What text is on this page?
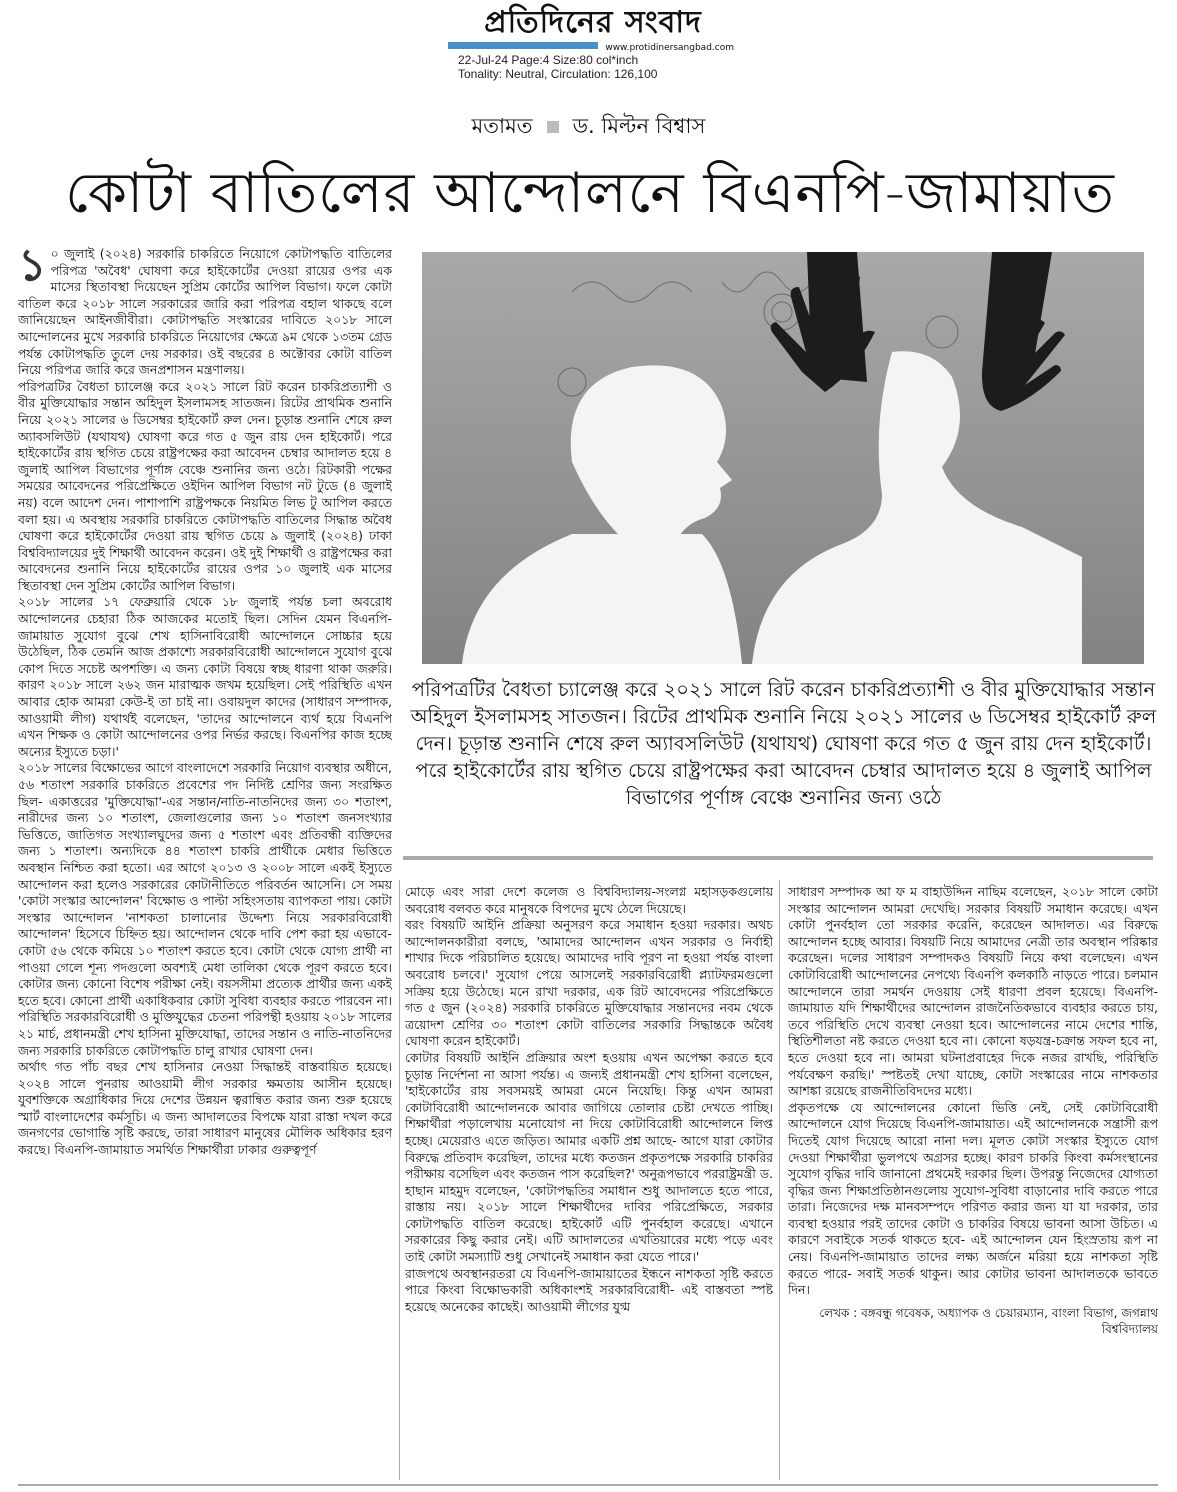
প্রতিদিনের সংবাদ
www.protidinersangbad.com
22-Jul-24 Page:4 Size:80 col*inch
Tonality: Neutral, Circulation: 126,100
মতামত ড. মিল্টন বিশ্বাস
কোটা বাতিলের আন্দোলনে বিএনপি-জামায়াত
১ ০ জুলাই (২০২৪) সরকারি চাকরিতে নিয়োগে কোটাপদ্ধতি বাতিলের পরিপত্র 'অবৈধ' ঘোষণা করে হাইকোর্টের দেওয়া রায়ের ওপর এক মাসের স্থিতাবস্থা দিয়েছেন সুপ্রিম কোর্টের আপিল বিভাগ। ফলে কোটা বাতিল করে ২০১৮ সালে সরকারের জারি করা পরিপত্র বহাল থাকছে বলে জানিয়েছেন আইনজীবীরা। কোটাপদ্ধতি সংস্কারের দাবিতে ২০১৮ সালে আন্দোলনের মুখে সরকারি চাকরিতে নিয়োগের ক্ষেত্রে ৯ম থেকে ১৩তম গ্রেড পর্যন্ত কোটাপদ্ধতি তুলে দেয় সরকার। ওই বছরের ৪ অক্টোবর কোটা বাতিল নিয়ে পরিপত্র জারি করে জনপ্রশাসন মন্ত্রণালয়।

পরিপত্রটির বৈধতা চ্যালেঞ্জ করে ২০২১ সালে রিট করেন চাকরিপ্রত্যাশী ও বীর মুক্তিযোদ্ধার সন্তান অহিদুল ইসলামসহ সাতজন। রিটের প্রাথমিক শুনানি নিয়ে ২০২১ সালের ৬ ডিসেম্বর হাইকোর্ট রুল দেন। চূড়ান্ত শুনানি শেষে রুল অ্যাবসলিউট (যথাযথ) ঘোষণা করে গত ৫ জুন রায় দেন হাইকোর্ট। পরে হাইকোর্টের রায় স্থগিত চেয়ে রাষ্ট্রপক্ষের করা আবেদন চেম্বার আদালত হয়ে ৪ জুলাই আপিল বিভাগের পূর্ণাঙ্গ বেঞ্চে শুনানির জন্য ওঠে। রিটকারী পক্ষের সময়ের আবেদনের পরিপ্রেক্ষিতে ওইদিন আপিল বিভাগ নট টুডে (৪ জুলাই নয়) বলে আদেশ দেন। পাশাপাশি রাষ্ট্রপক্ষকে নিয়মিত লিভ টু আপিল করতে বলা হয়। এ অবস্থায় সরকারি চাকরিতে কোটাপদ্ধতি বাতিলের সিদ্ধান্ত অবৈধ ঘোষণা করে হাইকোর্টের দেওয়া রায় স্থগিত চেয়ে ৯ জুলাই (২০২৪) ঢাকা বিশ্ববিদ্যালয়ের দুই শিক্ষার্থী আবেদন করেন। ওই দুই শিক্ষার্থী ও রাষ্ট্রপক্ষের করা আবেদনের শুনানি নিয়ে হাইকোর্টের রায়ের ওপর ১০ জুলাই এক মাসের স্থিতাবস্থা দেন সুপ্রিম কোর্টের আপিল বিভাগ।

২০১৮ সালের ১৭ ফেব্রুয়ারি থেকে ১৮ জুলাই পর্যন্ত চলা অবরোধ আন্দোলনের চেহারা ঠিক আজকের মতোই ছিল। সেদিন যেমন বিএনপি-জামায়াত সুযোগ বুঝে শেখ হাসিনাবিরোধী আন্দোলনে সোচ্চার হয়ে উঠেছিল, ঠিক তেমনি আজ প্রকাশ্যে সরকারবিরোধী আন্দোলনে সুযোগ বুঝে কোপ দিতে সচেষ্ট অপশক্তি। এ জন্য কোটা বিষয়ে স্বচ্ছ ধারণা থাকা জরুরি। কারণ ২০১৮ সালে ২৬২ জন মারাত্মক জখম হয়েছিল। সেই পরিস্থিতি এখন আবার হোক আমরা কেউ-ই তা চাই না। ওবায়দুল কাদের (সাধারণ সম্পাদক, আওয়ামী লীগ) যথার্থই বলেছেন, 'তাদের আন্দোলনে ব্যর্থ হয়ে বিএনপি এখন শিক্ষক ও কোটা আন্দোলনের ওপর নির্ভর করছে। বিএনপির কাজ হচ্ছে অন্যের ইস্যুতে চড়া।'

২০১৮ সালের বিক্ষোভের আগে বাংলাদেশে সরকারি নিয়োগ ব্যবস্থার অধীনে, ৫৬ শতাংশ সরকারি চাকরিতে প্রবেশের পদ নির্দিষ্ট শ্রেণির জন্য সংরক্ষিত ছিল- একাত্তরের 'মুক্তিযোদ্ধা'-এর সন্তান/নাতি-নাতনিদের জন্য ৩০ শতাংশ, নারীদের জন্য ১০ শতাংশ, জেলাগুলোর জন্য ১০ শতাংশ জনসংখ্যার ভিত্তিতে, জাতিগত সংখ্যালঘুদের জন্য ৫ শতাংশ এবং প্রতিবন্ধী ব্যক্তিদের জন্য ১ শতাংশ। অন্যদিকে ৪৪ শতাংশ চাকরি প্রার্থীকে মেধার ভিত্তিতে অবস্থান নিশ্চিত করা হতো। এর আগে ২০১৩ ও ২০০৮ সালে একই ইস্যুতে আন্দোলন করা হলেও সরকারের কোটানীতিতে পরিবর্তন আসেনি। সে সময় 'কোটা সংস্কার আন্দোলন' বিক্ষোভ ও পাল্টা সহিংসতায় ব্যাপকতা পায়। কোটা সংস্কার আন্দোলন 'নাশকতা চালানোর উদ্দেশ্য নিয়ে সরকারবিরোধী আন্দোলন' হিসেবে চিহ্নিত হয়। আন্দোলন থেকে দাবি পেশ করা হয় এভাবে- কোটা ৫৬ থেকে কমিয়ে ১০ শতাংশ করতে হবে। কোটা থেকে যোগ্য প্রার্থী না পাওয়া গেলে শূন্য পদগুলো অবশ্যই মেধা তালিকা থেকে পূরণ করতে হবে। কোটার জন্য কোনো বিশেষ পরীক্ষা নেই। বয়সসীমা প্রত্যেক প্রার্থীর জন্য একই হতে হবে। কোনো প্রার্থী একাধিকবার কোটা সুবিধা ব্যবহার করতে পারবেন না। পরিস্থিতি সরকারবিরোধী ও মুক্তিযুদ্ধের চেতনা পরিপন্থী হওয়ায় ২০১৮ সালের ২১ মার্চ, প্রধানমন্ত্রী শেখ হাসিনা মুক্তিযোদ্ধা, তাদের সন্তান ও নাতি-নাতনিদের জন্য সরকারি চাকরিতে কোটাপদ্ধতি চালু রাখার ঘোষণা দেন।

অর্থাৎ গত পাঁচ বছর শেখ হাসিনার নেওয়া সিদ্ধান্তই বাস্তবায়িত হয়েছে। ২০২৪ সালে পুনরায় আওয়ামী লীগ সরকার ক্ষমতায় আসীন হয়েছে। যুবশক্তিকে অগ্রাধিকার দিয়ে দেশের উন্নয়ন ত্বরান্বিত করার জন্য শুরু হয়েছে স্মার্ট বাংলাদেশের কর্মসূচি। এ জন্য আদালতের বিপক্ষে যারা রাস্তা দখল করে জনগণের ভোগান্তি সৃষ্টি করছে, তারা সাধারণ মানুষের মৌলিক অধিকার হরণ করছে। বিএনপি-জামায়াত সমর্থিত শিক্ষার্থীরা ঢাকার গুরুত্বপূর্ণ

পরিপত্রটির বৈধতা চ্যালেঞ্জ করে ২০২১ সালে রিট করেন চাকরিপ্রত্যাশী ও বীর মুক্তিযোদ্ধার সন্তান অহিদুল ইসলামসহ সাতজন। রিটের প্রাথমিক শুনানি নিয়ে ২০২১ সালের ৬ ডিসেম্বর হাইকোর্ট রুল দেন। চূড়ান্ত শুনানি শেষে রুল অ্যাবসলিউট (যথাযথ) ঘোষণা করে গত ৫ জুন রায় দেন হাইকোর্ট। পরে হাইকোর্টের রায় স্থগিত চেয়ে রাষ্ট্রপক্ষের করা আবেদন চেম্বার আদালত হয়ে ৪ জুলাই আপিল বিভাগের পূর্ণাঙ্গ বেঞ্চে শুনানির জন্য ওঠে

মোড়ে এবং সারা দেশে কলেজ ও বিশ্ববিদ্যালয়-সংলগ্ন মহাসড়কগুলোয় অবরোধ বলবত করে মানুষকে বিপদের মুখে ঠেলে দিয়েছে।

বরং বিষয়টি আইনি প্রক্রিয়া অনুসরণ করে সমাধান হওয়া দরকার। অথচ আন্দোলনকারীরা বলছে, 'আমাদের আন্দোলন এখন সরকার ও নির্বাহী শাখার দিকে পরিচালিত হয়েছে। আমাদের দাবি পূরণ না হওয়া পর্যন্ত বাংলা অবরোধ চলবে।' সুযোগ পেয়ে আসলেই সরকারবিরোধী প্ল্যাটফরমগুলো সক্রিয় হয়ে উঠেছে। মনে রাখা দরকার, এক রিট আবেদনের পরিপ্রেক্ষিতে গত ৫ জুন (২০২৪) সরকারি চাকরিতে মুক্তিযোদ্ধার সন্তানদের নবম থেকে ত্রয়োদশ শ্রেণির ৩০ শতাংশ কোটা বাতিলের সরকারি সিদ্ধান্তকে অবৈধ ঘোষণা করেন হাইকোর্ট।

কোটার বিষয়টি আইনি প্রক্রিয়ার অংশ হওয়ায় এখন অপেক্ষা করতে হবে চূড়ান্ত নির্দেশনা না আসা পর্যন্ত। এ জন্যই প্রধানমন্ত্রী শেখ হাসিনা বলেছেন, 'হাইকোর্টের রায় সবসময়ই আমরা মেনে নিয়েছি। কিন্তু এখন আমরা কোটাবিরোধী আন্দোলনকে আবার জাগিয়ে তোলার চেষ্টা দেখতে পাচ্ছি। শিক্ষার্থীরা পড়ালেখায় মনোযোগ না দিয়ে কোটাবিরোধী আন্দোলনে লিপ্ত হচ্ছে। মেয়েরাও এতে জড়িত। আমার একটি প্রশ্ন আছে- আগে যারা কোটার বিরুদ্ধে প্রতিবাদ করেছিল, তাদের মধ্যে কতজন প্রকৃতপক্ষে সরকারি চাকরির পরীক্ষায় বসেছিল এবং কতজন পাস করেছিল?' অনুরূপভাবে পররাষ্ট্রমন্ত্রী ড. হাছান মাহমুদ বলেছেন, 'কোটাপদ্ধতির সমাধান শুধু আদালতে হতে পারে, রাস্তায় নয়। ২০১৮ সালে শিক্ষার্থীদের দাবির পরিপ্রেক্ষিতে, সরকার কোটাপদ্ধতি বাতিল করেছে। হাইকোর্ট এটি পুনর্বহাল করেছে। এখানে সরকারের কিছু করার নেই। এটি আদালতের এখতিয়ারের মধ্যে পড়ে এবং তাই কোটা সমস্যাটি শুধু সেখানেই সমাধান করা যেতে পারে।'

রাজপথে অবস্থানরতরা যে বিএনপি-জামায়াতের ইন্ধনে নাশকতা সৃষ্টি করতে পারে কিংবা বিক্ষোভকারী অধিকাংশই সরকারবিরোধী- এই বাস্তবতা স্পষ্ট হয়েছে অনেকের কাছেই। আওয়ামী লীগের যুগ্ম

সাধারণ সম্পাদক আ ফ ম বাহাউদ্দিন নাছিম বলেছেন, ২০১৮ সালে কোটা সংস্কার আন্দোলন আমরা দেখেছি। সরকার বিষয়টি সমাধান করেছে। এখন কোটা পুনর্বহাল তো সরকার করেনি, করেছেন আদালত। এর বিরুদ্ধে আন্দোলন হচ্ছে আবার। বিষয়টি নিয়ে আমাদের নেত্রী তার অবস্থান পরিষ্কার করেছেন। দলের সাধারণ সম্পাদকও বিষয়টি নিয়ে কথা বলেছেন। এখন কোটাবিরোধী আন্দোলনের নেপথ্যে বিএনপি কলকাঠি নাড়তে পারে। চলমান আন্দোলনে তারা সমর্থন দেওয়ায় সেই ধারণা প্রবল হয়েছে। বিএনপি-জামায়াত যদি শিক্ষার্থীদের আন্দোলন রাজনৈতিকভাবে ব্যবহার করতে চায়, তবে পরিস্থিতি দেখে ব্যবস্থা নেওয়া হবে। আন্দোলনের নামে দেশের শান্তি, স্থিতিশীলতা নষ্ট করতে দেওয়া হবে না। কোনো ষড়যন্ত্র-চক্রান্ত সফল হবে না, হতে দেওয়া হবে না। আমরা ঘটনাপ্রবাহের দিকে নজর রাখছি, পরিস্থিতি পর্যবেক্ষণ করছি।' স্পষ্টতই দেখা যাচ্ছে, কোটা সংস্কারের নামে নাশকতার আশঙ্কা রয়েছে রাজনীতিবিদদের মধ্যে।

প্রকৃতপক্ষে যে আন্দোলনের কোনো ভিত্তি নেই, সেই কোটাবিরোধী আন্দোলনে যোগ দিয়েছে বিএনপি-জামায়াত। এই আন্দোলনকে সন্ত্রাসী রূপ দিতেই যোগ দিয়েছে আরো নানা দল। মূলত কোটা সংস্কার ইস্যুতে যোগ দেওয়া শিক্ষার্থীরা ভুলপথে অগ্রসর হচ্ছে। কারণ চাকরি কিংবা কর্মসংস্থানের সুযোগ বৃদ্ধির দাবি জানানো প্রথমেই দরকার ছিল। উপরন্তু নিজেদের যোগ্যতা বৃদ্ধির জন্য শিক্ষাপ্রতিষ্ঠানগুলোয় সুযোগ-সুবিধা বাড়ানোর দাবি করতে পারে তারা। নিজেদের দক্ষ মানবসম্পদে পরিণত করার জন্য যা যা দরকার, তার ব্যবস্থা হওয়ার পরই তাদের কোটা ও চাকরির বিষয়ে ভাবনা আসা উচিত। এ কারণে সবাইকে সতর্ক থাকতে হবে- এই আন্দোলন যেন হিংস্রতায় রূপ না নেয়। বিএনপি-জামায়াত তাদের লক্ষ্য অর্জনে মরিয়া হয়ে নাশকতা সৃষ্টি করতে পারে- সবাই সতর্ক থাকুন। আর কোটার ভাবনা আদালতকে ভাবতে দিন।

লেখক : বঙ্গবন্ধু গবেষক, অধ্যাপক ও চেয়ারম্যান, বাংলা বিভাগ, জগন্নাথ বিশ্ববিদ্যালয়
